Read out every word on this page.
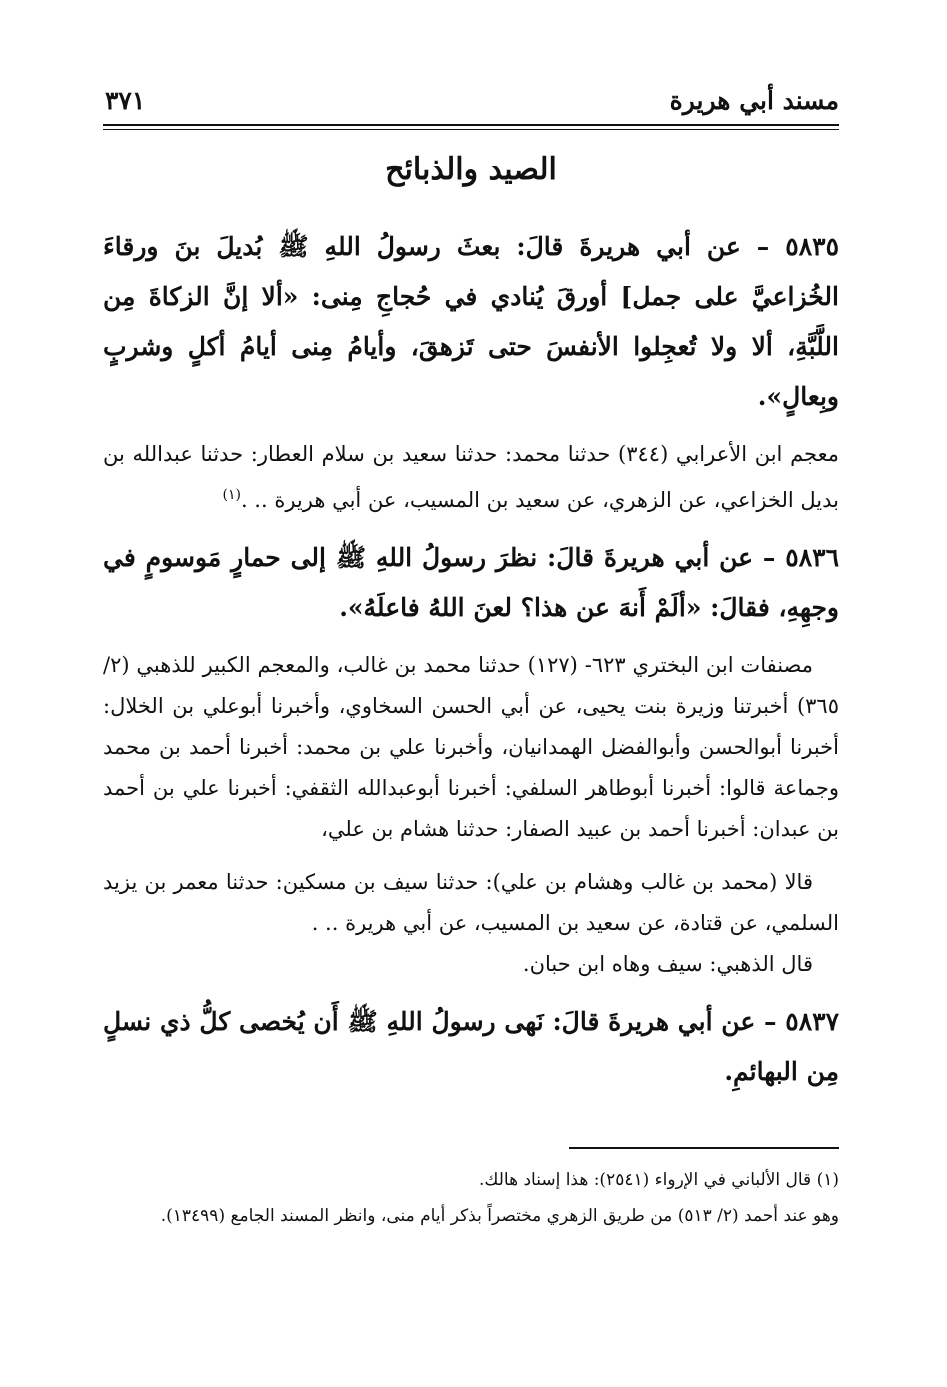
مسند أبي هريرة
٣٧١
الصيد والذبائح

٥٨٣٥ – عن أبي هريرةَ قالَ: بعثَ رسولُ اللهِ ﷺ بُديلَ بنَ ورقاءَ الخُزاعيَّ على جمل] أورقَ يُنادي في حُجاجِ مِنى: «ألا إنَّ الزكاةَ مِن اللَّبَّةِ، ألا ولا تُعجِلوا الأنفسَ حتى تَزهقَ، وأيامُ مِنى أيامُ أكلٍ وشربٍ وبِعالٍ».

معجم ابن الأعرابي (٣٤٤) حدثنا محمد: حدثنا سعيد بن سلام العطار: حدثنا عبدالله بن بديل الخزاعي، عن الزهري، عن سعيد بن المسيب، عن أبي هريرة .. .$^{(١)}$

٥٨٣٦ – عن أبي هريرةَ قالَ: نظرَ رسولُ اللهِ ﷺ إلى حمارٍ مَوسومٍ في وجهِهِ، فقالَ: «ألَمْ أَنهَ عن هذا؟ لعنَ اللهُ فاعلَهُ».

مصنفات ابن البختري ٦٢٣- (١٢٧) حدثنا محمد بن غالب، والمعجم الكبير للذهبي (٢/ ٣٦٥) أخبرتنا وزيرة بنت يحيى، عن أبي الحسن السخاوي، وأخبرنا أبوعلي بن الخلال: أخبرنا أبوالحسن وأبوالفضل الهمدانيان، وأخبرنا علي بن محمد: أخبرنا أحمد بن محمد وجماعة قالوا: أخبرنا أبوطاهر السلفي: أخبرنا أبوعبدالله الثقفي: أخبرنا علي بن أحمد بن عبدان: أخبرنا أحمد بن عبيد الصفار: حدثنا هشام بن علي،

قالا (محمد بن غالب وهشام بن علي): حدثنا سيف بن مسكين: حدثنا معمر بن يزيد السلمي، عن قتادة، عن سعيد بن المسيب، عن أبي هريرة .. .

قال الذهبي: سيف وهاه ابن حبان.

٥٨٣٧ – عن أبي هريرةَ قالَ: نَهى رسولُ اللهِ ﷺ أَن يُخصى كلُّ ذي نسلٍ مِن البهائمِ.

(١) قال الألباني في الإرواء (٢٥٤١): هذا إسناد هالك.

وهو عند أحمد (٢/ ٥١٣) من طريق الزهري مختصراً بذكر أيام منى، وانظر المسند الجامع (١٣٤٩٩).
